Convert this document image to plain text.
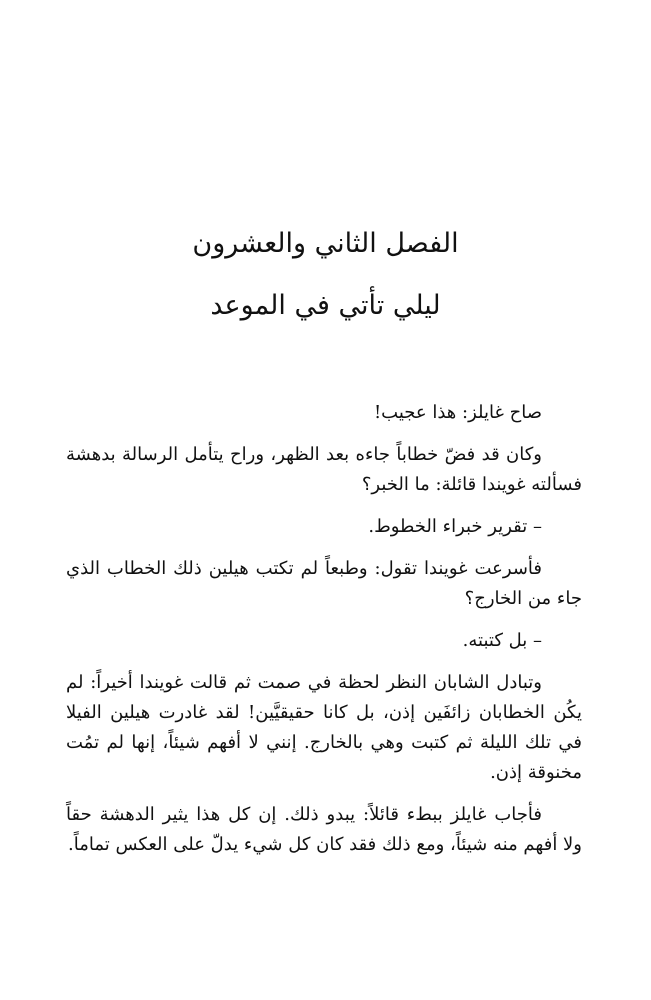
الفصل الثاني والعشرون
ليلي تأتي في الموعد

صاح غايلز: هذا عجيب!

وكان قد فضّ خطاباً جاءه بعد الظهر، وراح يتأمل الرسالة بدهشة فسألته غويندا قائلة: ما الخبر؟

– تقرير خبراء الخطوط.

فأسرعت غويندا تقول: وطبعاً لم تكتب هيلين ذلك الخطاب الذي جاء من الخارج؟

– بل كتبته.

وتبادل الشابان النظر لحظة في صمت ثم قالت غويندا أخيراً: لم يكُن الخطابان زائفَين إذن، بل كانا حقيقيَّين! لقد غادرت هيلين الفيلا في تلك الليلة ثم كتبت وهي بالخارج. إنني لا أفهم شيئاً، إنها لم تمُت مخنوقة إذن.

فأجاب غايلز ببطء قائلاً: يبدو ذلك. إن كل هذا يثير الدهشة حقاً ولا أفهم منه شيئاً، ومع ذلك فقد كان كل شيء يدلّ على العكس تماماً.
